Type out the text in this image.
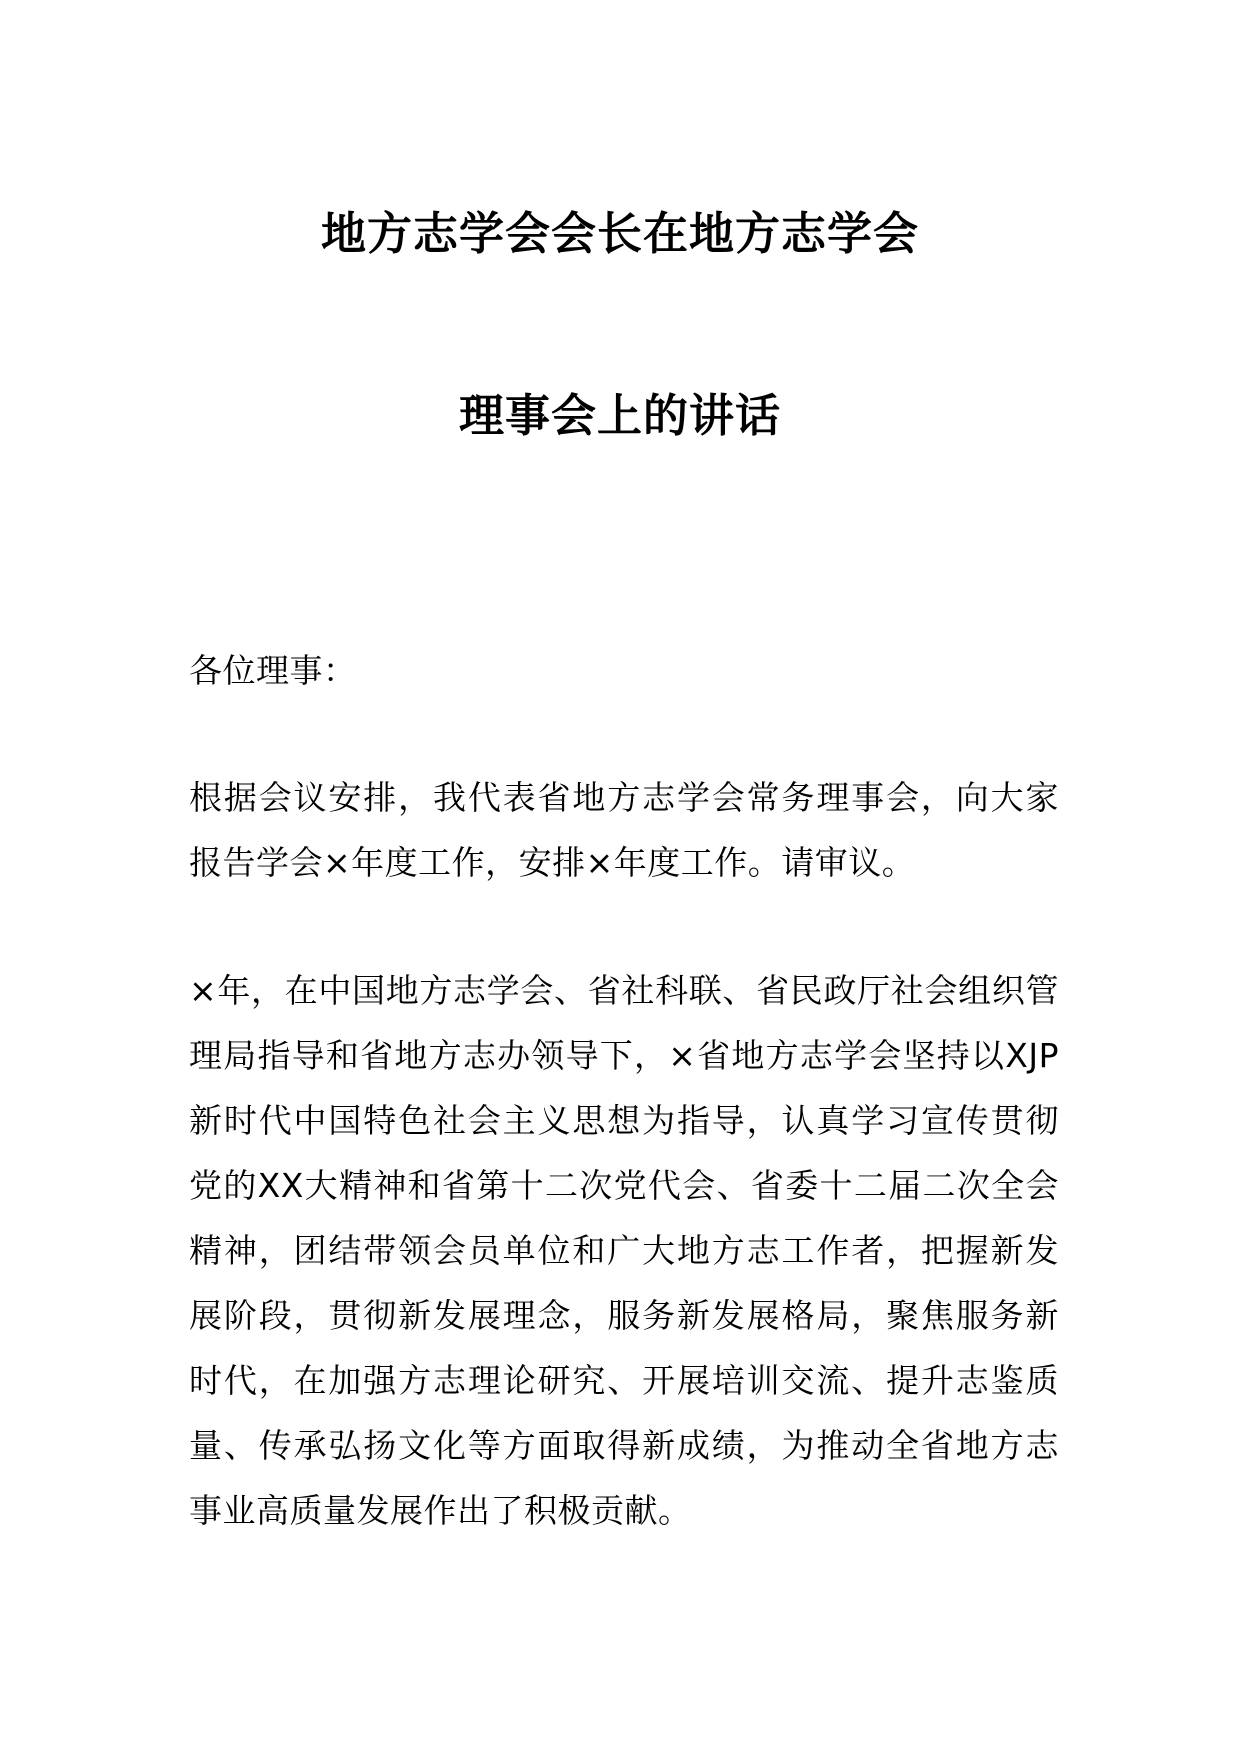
地方志学会会长在地方志学会
理事会上的讲话
各位理事：
根据会议安排，我代表省地方志学会常务理事会，向大家报告学会×年度工作，安排×年度工作。请审议。
×年，在中国地方志学会、省社科联、省民政厅社会组织管理局指导和省地方志办领导下，×省地方志学会坚持以XJP新时代中国特色社会主义思想为指导，认真学习宣传贯彻党的XX大精神和省第十二次党代会、省委十二届二次全会精神，团结带领会员单位和广大地方志工作者，把握新发展阶段，贯彻新发展理念，服务新发展格局，聚焦服务新时代，在加强方志理论研究、开展培训交流、提升志鉴质量、传承弘扬文化等方面取得新成绩，为推动全省地方志事业高质量发展作出了积极贡献。
